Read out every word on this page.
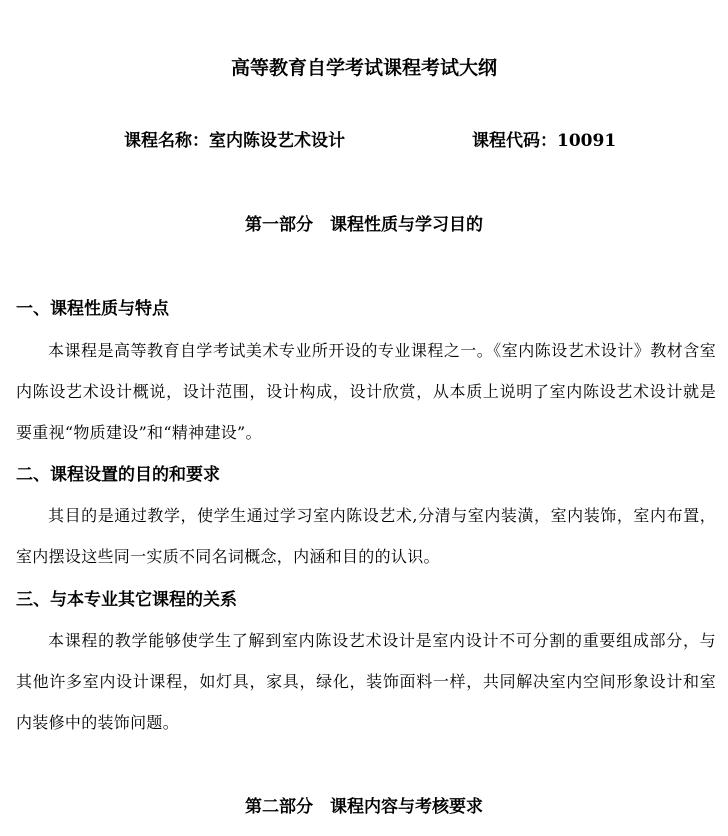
高等教育自学考试课程考试大纲
课程名称：室内陈设艺术设计	课程代码：10091
第一部分　课程性质与学习目的
一、课程性质与特点

本课程是高等教育自学考试美术专业所开设的专业课程之一。《室内陈设艺术设计》教材含室内陈设艺术设计概说，设计范围，设计构成，设计欣赏，从本质上说明了室内陈设艺术设计就是要重视“物质建设”和“精神建设”。

二、课程设置的目的和要求

其目的是通过教学，使学生通过学习室内陈设艺术,分清与室内装潢，室内装饰，室内布置，室内摆设这些同一实质不同名词概念，内涵和目的的认识。

三、与本专业其它课程的关系

本课程的教学能够使学生了解到室内陈设艺术设计是室内设计不可分割的重要组成部分，与其他许多室内设计课程，如灯具，家具，绿化，装饰面料一样，共同解决室内空间形象设计和室内装修中的装饰问题。

第二部分　课程内容与考核要求
